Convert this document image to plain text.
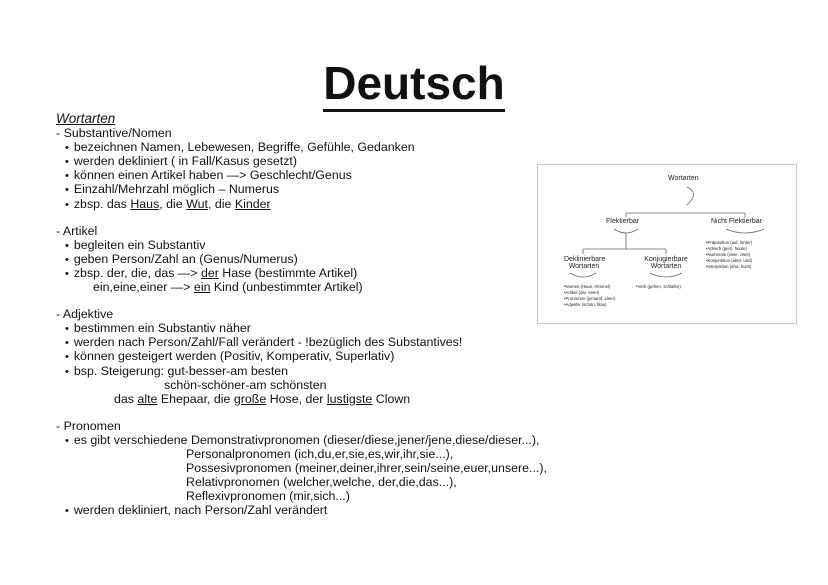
Deutsch
Wortarten
- Substantive/Nomen
• bezeichnen Namen, Lebewesen, Begriffe, Gefühle, Gedanken
• werden dekliniert ( in Fall/Kasus gesetzt)
• können einen Artikel haben —> Geschlecht/Genus
• Einzahl/Mehrzahl möglich – Numerus
• zbsp. das Haus, die Wut, die Kinder
- Artikel
• begleiten ein Substantiv
• geben Person/Zahl an (Genus/Numerus)
• zbsp. der, die, das —> der Hase (bestimmte Artikel)
ein,eine,einer —> ein Kind (unbestimmter Artikel)
- Adjektive
• bestimmen ein Substantiv näher
• werden nach Person/Zahl/Fall verändert - !bezüglich des Substantives!
• können gesteigert werden (Positiv, Komperativ, Superlativ)
• bsp. Steigerung: gut-besser-am besten
schön-schöner-am schönsten
das alte Ehepaar, die große Hose, der lustigste Clown
- Pronomen
• es gibt verschiedene Demonstrativpronomen (dieser/diese,jener/jene,diese/dieser...),
Personalpronomen (ich,du,er,sie,es,wir,ihr,sie...),
Possesivpronomen (meiner,deiner,ihrer,sein/seine,euer,unsere...),
Relativpronomen (welcher,welche, der,die,das...),
Reflexivpronomen (mir,sich...)
• werden dekliniert, nach Person/Zahl verändert
Wortarten
Flektierbar	Nicht Flektierbar
Deklinierbare
Wortarten
Konjugierbare
Wortarten
• Nomen (Haus, Himmel)
• Artikel (der, einer)
• Pronomen (jemand, einer)
• Adjektiv (schön, blau)
• Verb (gehen, schlafen)
• Präposition (auf, hinter)
• Adverb (gern, heute)
• Numerale (viele, zwei)
• Konjunktion (aber, und)
• Interjektion (aha, huch)
